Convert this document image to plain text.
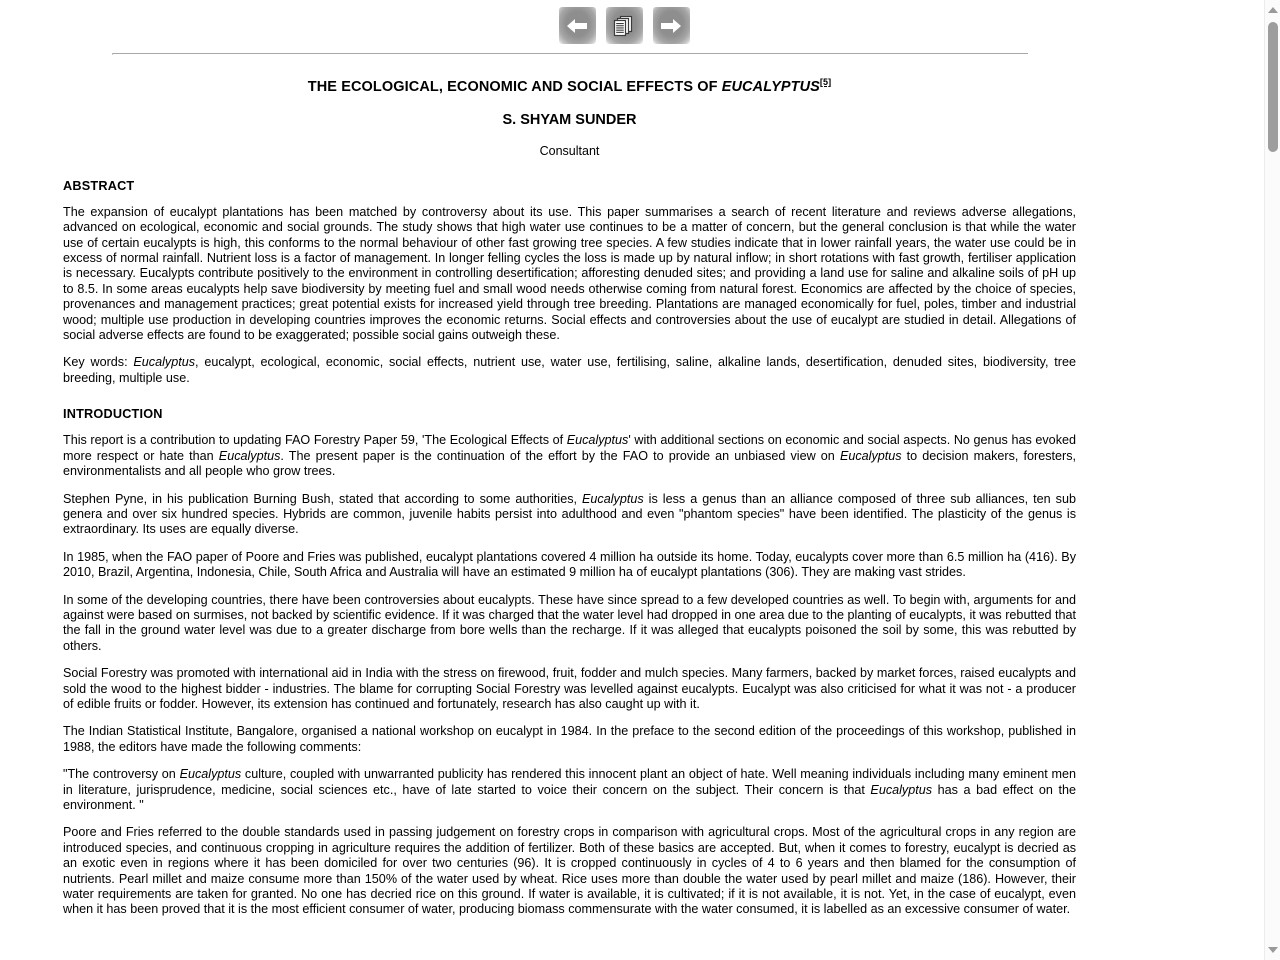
THE ECOLOGICAL, ECONOMIC AND SOCIAL EFFECTS OF EUCALYPTUS[5]
S. SHYAM SUNDER
Consultant
ABSTRACT

The expansion of eucalypt plantations has been matched by controversy about its use. This paper summarises a search of recent literature and reviews adverse allegations, advanced on ecological, economic and social grounds. The study shows that high water use continues to be a matter of concern, but the general conclusion is that while the water use of certain eucalypts is high, this conforms to the normal behaviour of other fast growing tree species. A few studies indicate that in lower rainfall years, the water use could be in excess of normal rainfall. Nutrient loss is a factor of management. In longer felling cycles the loss is made up by natural inflow; in short rotations with fast growth, fertiliser application is necessary. Eucalypts contribute positively to the environment in controlling desertification; afforesting denuded sites; and providing a land use for saline and alkaline soils of pH up to 8.5. In some areas eucalypts help save biodiversity by meeting fuel and small wood needs otherwise coming from natural forest. Economics are affected by the choice of species, provenances and management practices; great potential exists for increased yield through tree breeding. Plantations are managed economically for fuel, poles, timber and industrial wood; multiple use production in developing countries improves the economic returns. Social effects and controversies about the use of eucalypt are studied in detail. Allegations of social adverse effects are found to be exaggerated; possible social gains outweigh these.

Key words: Eucalyptus, eucalypt, ecological, economic, social effects, nutrient use, water use, fertilising, saline, alkaline lands, desertification, denuded sites, biodiversity, tree breeding, multiple use.

INTRODUCTION

This report is a contribution to updating FAO Forestry Paper 59, 'The Ecological Effects of Eucalyptus' with additional sections on economic and social aspects. No genus has evoked more respect or hate than Eucalyptus. The present paper is the continuation of the effort by the FAO to provide an unbiased view on Eucalyptus to decision makers, foresters, environmentalists and all people who grow trees.

Stephen Pyne, in his publication Burning Bush, stated that according to some authorities, Eucalyptus is less a genus than an alliance composed of three sub alliances, ten sub genera and over six hundred species. Hybrids are common, juvenile habits persist into adulthood and even "phantom species" have been identified. The plasticity of the genus is extraordinary. Its uses are equally diverse.

In 1985, when the FAO paper of Poore and Fries was published, eucalypt plantations covered 4 million ha outside its home. Today, eucalypts cover more than 6.5 million ha (416). By 2010, Brazil, Argentina, Indonesia, Chile, South Africa and Australia will have an estimated 9 million ha of eucalypt plantations (306). They are making vast strides.

In some of the developing countries, there have been controversies about eucalypts. These have since spread to a few developed countries as well. To begin with, arguments for and against were based on surmises, not backed by scientific evidence. If it was charged that the water level had dropped in one area due to the planting of eucalypts, it was rebutted that the fall in the ground water level was due to a greater discharge from bore wells than the recharge. If it was alleged that eucalypts poisoned the soil by some, this was rebutted by others.

Social Forestry was promoted with international aid in India with the stress on firewood, fruit, fodder and mulch species. Many farmers, backed by market forces, raised eucalypts and sold the wood to the highest bidder - industries. The blame for corrupting Social Forestry was levelled against eucalypts. Eucalypt was also criticised for what it was not - a producer of edible fruits or fodder. However, its extension has continued and fortunately, research has also caught up with it.

The Indian Statistical Institute, Bangalore, organised a national workshop on eucalypt in 1984. In the preface to the second edition of the proceedings of this workshop, published in 1988, the editors have made the following comments:

"The controversy on Eucalyptus culture, coupled with unwarranted publicity has rendered this innocent plant an object of hate. Well meaning individuals including many eminent men in literature, jurisprudence, medicine, social sciences etc., have of late started to voice their concern on the subject. Their concern is that Eucalyptus has a bad effect on the environment. "

Poore and Fries referred to the double standards used in passing judgement on forestry crops in comparison with agricultural crops. Most of the agricultural crops in any region are introduced species, and continuous cropping in agriculture requires the addition of fertilizer. Both of these basics are accepted. But, when it comes to forestry, eucalypt is decried as an exotic even in regions where it has been domiciled for over two centuries (96). It is cropped continuously in cycles of 4 to 6 years and then blamed for the consumption of nutrients. Pearl millet and maize consume more than 150% of the water used by wheat. Rice uses more than double the water used by pearl millet and maize (186). However, their water requirements are taken for granted. No one has decried rice on this ground. If water is available, it is cultivated; if it is not available, it is not. Yet, in the case of eucalypt, even when it has been proved that it is the most efficient consumer of water, producing biomass commensurate with the water consumed, it is labelled as an excessive consumer of water.
